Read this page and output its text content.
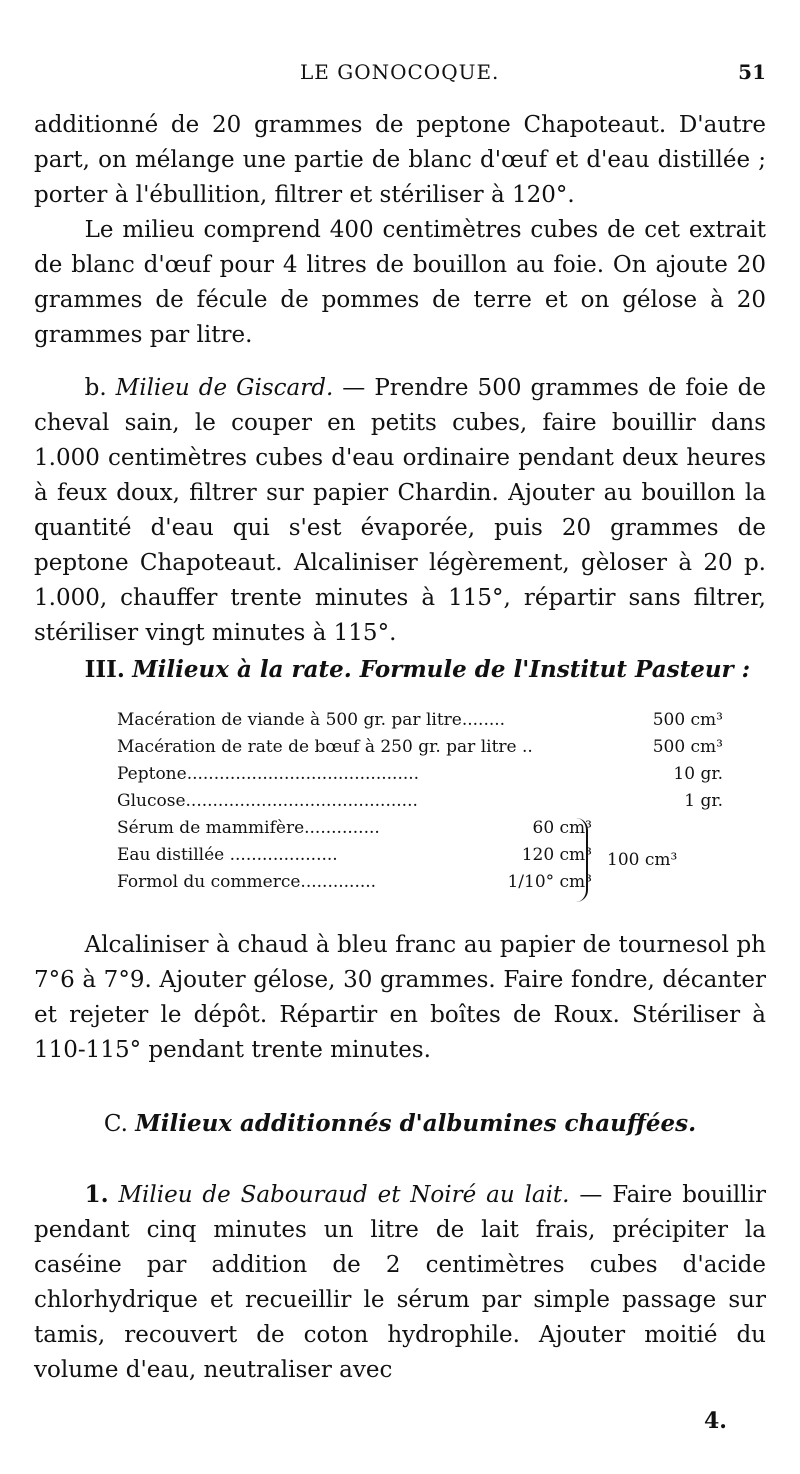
LE GONOCOQUE.	51

additionné de 20 grammes de peptone Chapoteaut. D'autre part, on mélange une partie de blanc d'œuf et d'eau distillée ; porter à l'ébullition, filtrer et stériliser à 120°.

Le milieu comprend 400 centimètres cubes de cet extrait de blanc d'œuf pour 4 litres de bouillon au foie. On ajoute 20 grammes de fécule de pommes de terre et on gélose à 20 grammes par litre.

b. Milieu de Giscard. — Prendre 500 grammes de foie de cheval sain, le couper en petits cubes, faire bouillir dans 1.000 centimètres cubes d'eau ordinaire pendant deux heures à feux doux, filtrer sur papier Chardin. Ajouter au bouillon la quantité d'eau qui s'est évaporée, puis 20 grammes de peptone Chapoteaut. Alcaliniser légèrement, gèloser à 20 p. 1.000, chauffer trente minutes à 115°, répartir sans filtrer, stériliser vingt minutes à 115°.

III. Milieux à la rate. Formule de l'Institut Pasteur :

Macération de viande à 500 gr. par litre........	500 cm³
Macération de rate de bœuf à 250 gr. par litre ..	500 cm³
Peptone...........................................	10 gr.
Glucose...........................................	1 gr.
Sérum de mammifère..............	60 cm³
Eau distillée ....................	120 cm³
Formol du commerce..............	1/10° cm³
100 cm³

Alcaliniser à chaud à bleu franc au papier de tournesol ph 7°6 à 7°9. Ajouter gélose, 30 grammes. Faire fondre, décanter et rejeter le dépôt. Répartir en boîtes de Roux. Stériliser à 110-115° pendant trente minutes.

C. Milieux additionnés d'albumines chauffées.

1. Milieu de Sabouraud et Noiré au lait. — Faire bouillir pendant cinq minutes un litre de lait frais, précipiter la caséine par addition de 2 centimètres cubes d'acide chlorhydrique et recueillir le sérum par simple passage sur tamis, recouvert de coton hydrophile. Ajouter moitié du volume d'eau, neutraliser avec

4.
